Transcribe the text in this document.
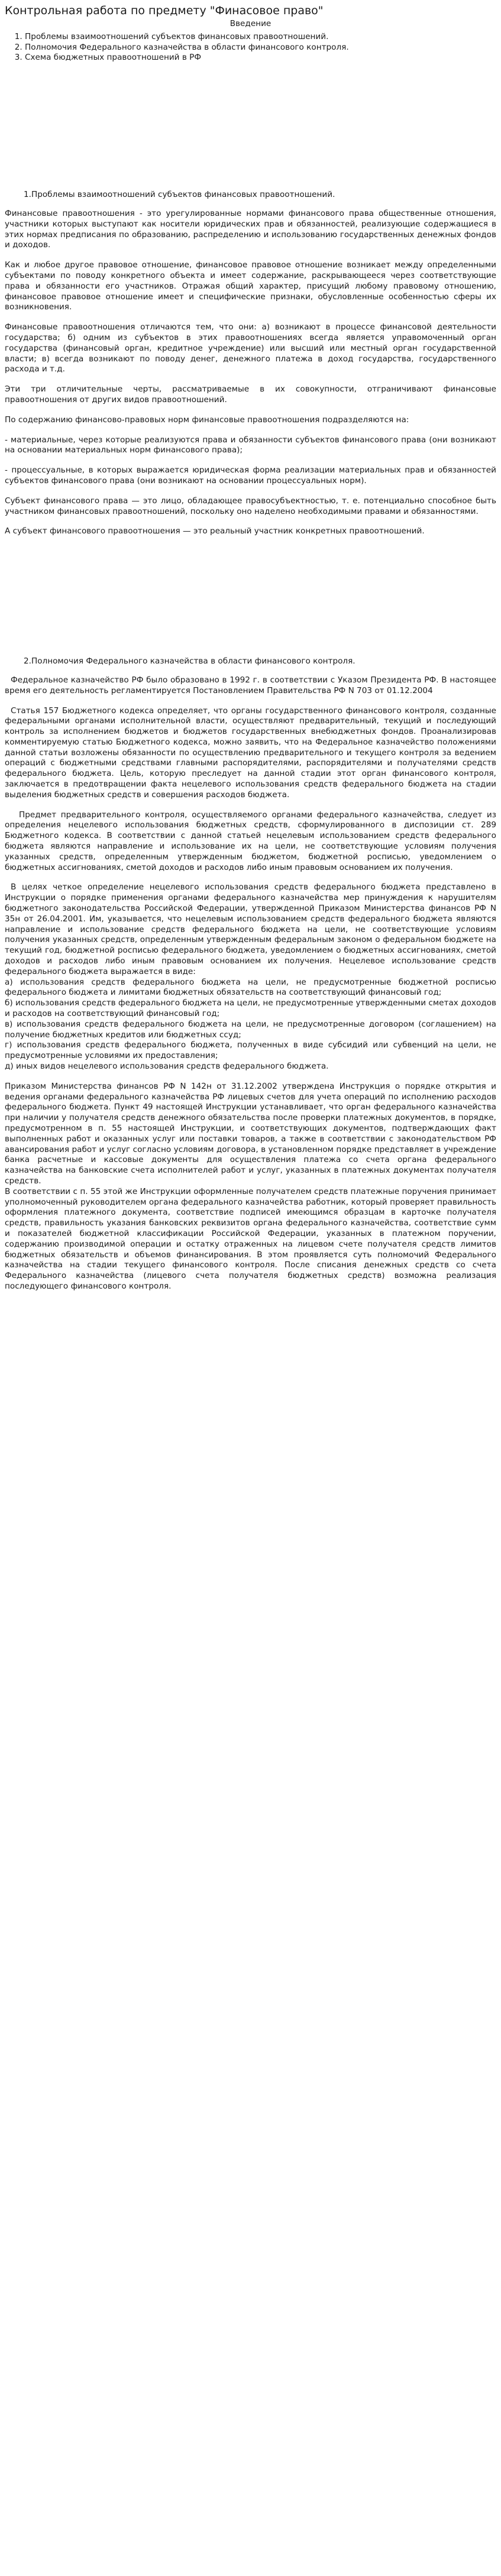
Контрольная работа по предмету "Финасовое право"
Введение
1. Проблемы взаимоотношений субъектов финансовых правоотношений.
2. Полномочия Федерального казначейства в области финансового контроля.
3. Схема бюджетных правоотношений в РФ
1.Проблемы взаимоотношений субъектов финансовых правоотношений.

Финансовые правоотношения - это урегулированные нормами финансового права общественные отношения, участники которых выступают как носители юридических прав и обязанностей, реализующие содержащиеся в этих нормах предписания по образованию, распределению и использованию государственных денежных фондов и доходов.

Как и любое другое правовое отношение, финансовое правовое отношение возникает между определенными субъектами по поводу конкретного объекта и имеет содержание, раскрывающееся через соответствующие права и обязанности его участников. Отражая общий характер, присущий любому правовому отношению, финансовое правовое отношение имеет и специфические признаки, обусловленные особенностью сферы их возникновения.

Финансовые правоотношения отличаются тем, что они: а) возникают в процессе финансовой деятельности государства; б) одним из субъектов в этих правоотношениях всегда является управомоченный орган государства (финансовый орган, кредитное учреждение) или высший или местный орган государственной власти; в) всегда возникают по поводу денег, денежного платежа в доход государства, государственного расхода и т.д.

Эти три отличительные черты, рассматриваемые в их совокупности, отграничивают финансовые правоотношения от других видов правоотношений.

По содержанию финансово-правовых норм финансовые правоотношения подразделяются на:

- материальные, через которые реализуются права и обязанности субъектов финансового права (они возникают на основании материальных норм финансового права);

- процессуальные, в которых выражается юридическая форма реализации материальных прав и обязанностей субъектов финансового права (они возникают на основании процессуальных норм).

Субъект финансового права — это лицо, обладающее правосубъектностью, т. е. потенциально способное быть участником финансовых правоотношений, поскольку оно наделено необходимыми правами и обязанностями.

А субъект финансового правоотношения — это реальный участник конкретных правоотношений.

2.Полномочия Федерального казначейства в области финансового контроля.

Федеральное казначейство РФ было образовано в 1992 г. в соответствии с Указом Президента РФ. В настоящее время его деятельность регламентируется Постановлением Правительства РФ N 703 от 01.12.2004

Статья 157 Бюджетного кодекса определяет, что органы государственного финансового контроля, созданные федеральными органами исполнительной власти, осуществляют предварительный, текущий и последующий контроль за исполнением бюджетов и бюджетов государственных внебюджетных фондов. Проанализировав комментируемую статью Бюджетного кодекса, можно заявить, что на Федеральное казначейство положениями данной статьи возложены обязанности по осуществлению предварительного и текущего контроля за ведением операций с бюджетными средствами главными распорядителями, распорядителями и получателями средств федерального бюджета. Цель, которую преследует на данной стадии этот орган финансового контроля, заключается в предотвращении факта нецелевого использования средств федерального бюджета на стадии выделения бюджетных средств и совершения расходов бюджета.

Предмет предварительного контроля, осуществляемого органами федерального казначейства, следует из определения нецелевого использования бюджетных средств, сформулированного в диспозиции ст. 289 Бюджетного кодекса. В соответствии с данной статьей нецелевым использованием средств федерального бюджета являются направление и использование их на цели, не соответствующие условиям получения указанных средств, определенным утвержденным бюджетом, бюджетной росписью, уведомлением о бюджетных ассигнованиях, сметой доходов и расходов либо иным правовым основанием их получения.

В целях четкое определение нецелевого использования средств федерального бюджета представлено в Инструкции о порядке применения органами федерального казначейства мер принуждения к нарушителям бюджетного законодательства Российской Федерации, утвержденной Приказом Министерства финансов РФ N 35н от 26.04.2001. Им, указывается, что нецелевым использованием средств федерального бюджета являются направление и использование средств федерального бюджета на цели, не соответствующие условиям получения указанных средств, определенным утвержденным федеральным законом о федеральном бюджете на текущий год, бюджетной росписью федерального бюджета, уведомлением о бюджетных ассигнованиях, сметой доходов и расходов либо иным правовым основанием их получения. Нецелевое использование средств федерального бюджета выражается в виде:

а) использования средств федерального бюджета на цели, не предусмотренные бюджетной росписью федерального бюджета и лимитами бюджетных обязательств на соответствующий финансовый год;

б) использования средств федерального бюджета на цели, не предусмотренные утвержденными сметах доходов и расходов на соответствующий финансовый год;

в) использования средств федерального бюджета на цели, не предусмотренные договором (соглашением) на получение бюджетных кредитов или бюджетных ссуд;

г) использования средств федерального бюджета, полученных в виде субсидий или субвенций на цели, не предусмотренные условиями их предоставления;

д) иных видов нецелевого использования средств федерального бюджета.

Приказом Министерства финансов РФ N 142н от 31.12.2002 утверждена Инструкция о порядке открытия и ведения органами федерального казначейства РФ лицевых счетов для учета операций по исполнению расходов федерального бюджета. Пункт 49 настоящей Инструкции устанавливает, что орган федерального казначейства при наличии у получателя средств денежного обязательства после проверки платежных документов, в порядке, предусмотренном в п. 55 настоящей Инструкции, и соответствующих документов, подтверждающих факт выполненных работ и оказанных услуг или поставки товаров, а также в соответствии с законодательством РФ авансирования работ и услуг согласно условиям договора, в установленном порядке представляет в учреждение банка расчетные и кассовые документы для осуществления платежа со счета органа федерального казначейства на банковские счета исполнителей работ и услуг, указанных в платежных документах получателя средств.

В соответствии с п. 55 этой же Инструкции оформленные получателем средств платежные поручения принимает уполномоченный руководителем органа федерального казначейства работник, который проверяет правильность оформления платежного документа, соответствие подписей имеющимся образцам в карточке получателя средств, правильность указания банковских реквизитов органа федерального казначейства, соответствие сумм и показателей бюджетной классификации Российской Федерации, указанных в платежном поручении, содержанию производимой операции и остатку отраженных на лицевом счете получателя средств лимитов бюджетных обязательств и объемов финансирования. В этом проявляется суть полномочий Федерального казначейства на стадии текущего финансового контроля. После списания денежных средств со счета Федерального казначейства (лицевого счета получателя бюджетных средств) возможна реализация последующего финансового контроля.
